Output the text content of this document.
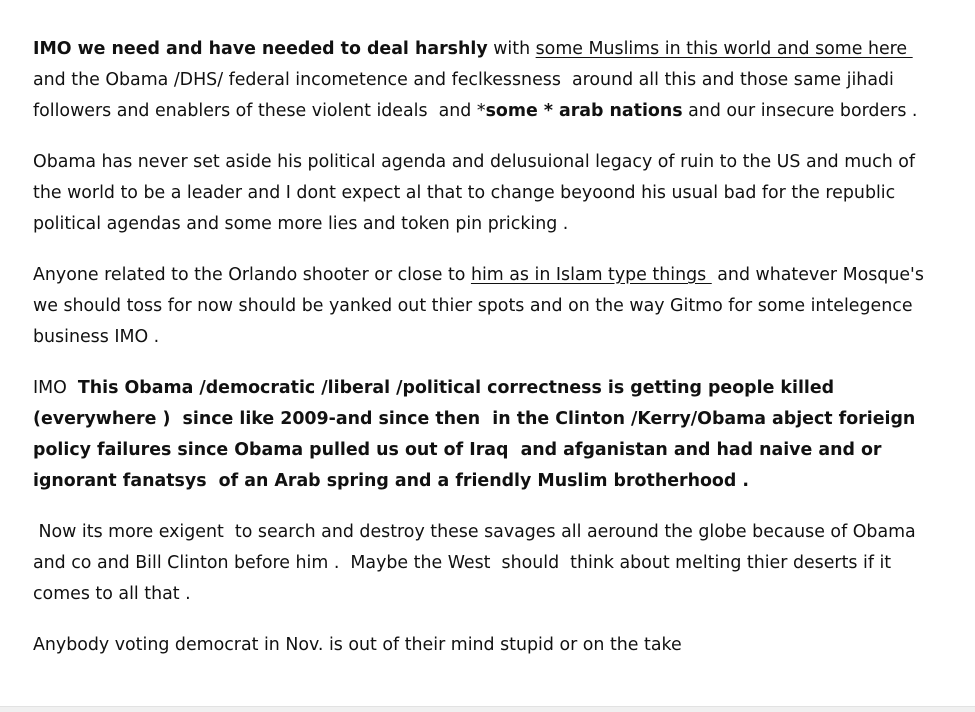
IMO we need and have needed to deal harshly with some Muslims in this world and some here and the Obama /DHS/ federal incometence and feclkessness  around all this and those same jihadi followers and enablers of these violent ideals  and *some * arab nations and our insecure borders .

Obama has never set aside his political agenda and delusuional legacy of ruin to the US and much of the world to be a leader and I dont expect al that to change beyoond his usual bad for the republic political agendas and some more lies and token pin pricking .

Anyone related to the Orlando shooter or close to him as in Islam type things  and whatever Mosque's  we should toss for now should be yanked out thier spots and on the way Gitmo for some intelegence business IMO .

IMO  This Obama /democratic /liberal /political correctness is getting people killed (everywhere )  since like 2009-and since then  in the Clinton /Kerry/Obama abject forieign policy failures since Obama pulled us out of Iraq  and afganistan and had naive and or ignorant fanatsys  of an Arab spring and a friendly Muslim brotherhood .

Now its more exigent  to search and destroy these savages all aeround the globe because of Obama and co and Bill Clinton before him .  Maybe the West  should  think about melting thier deserts if it comes to all that .

Anybody voting democrat in Nov. is out of their mind stupid or on the take
